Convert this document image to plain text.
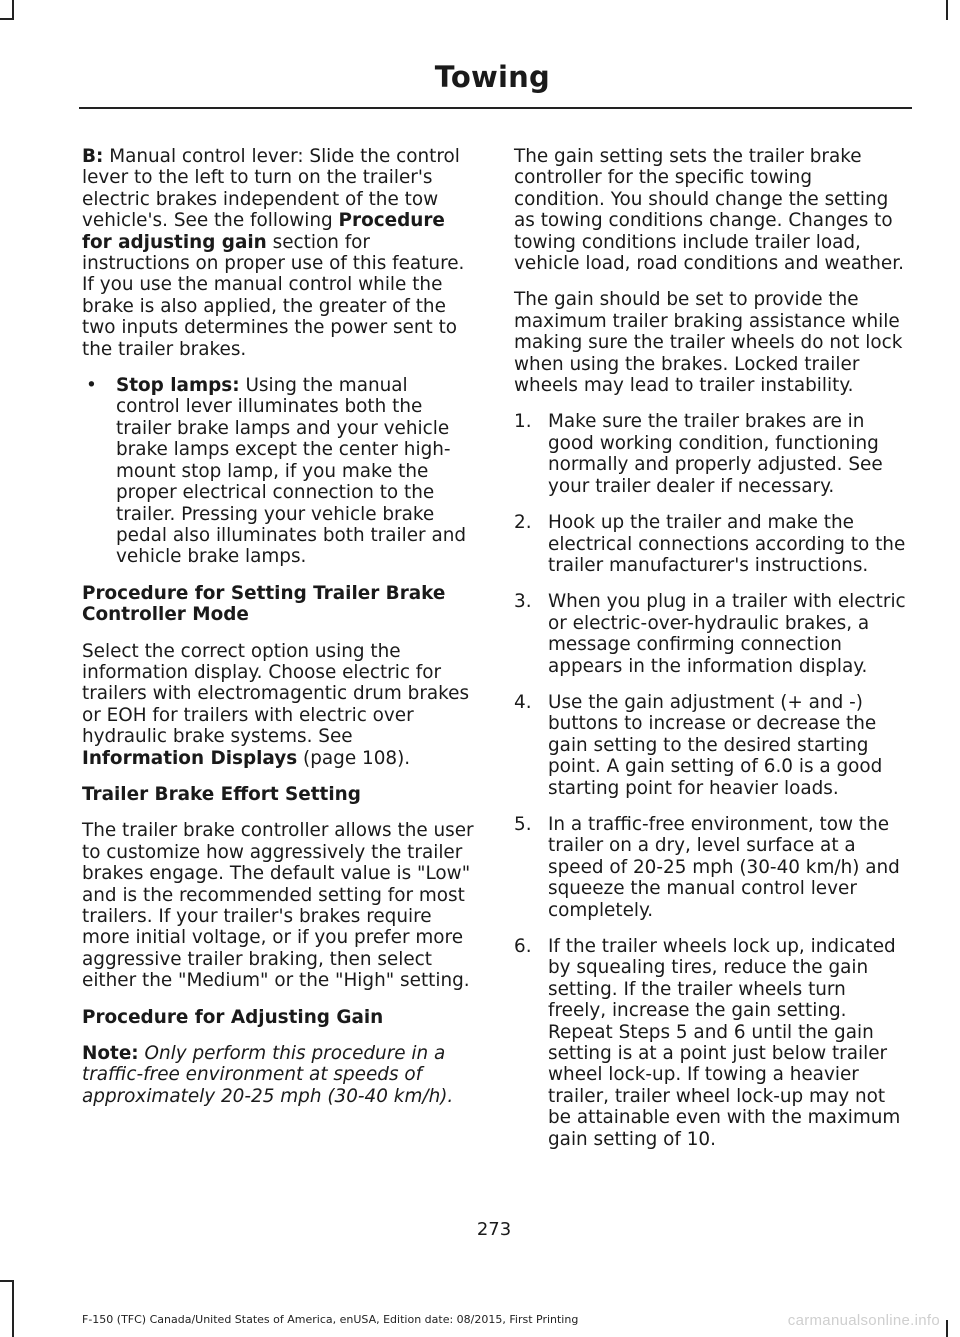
Towing

B: Manual control lever: Slide the control lever to the left to turn on the trailer's electric brakes independent of the tow vehicle's. See the following Procedure for adjusting gain section for instructions on proper use of this feature. If you use the manual control while the brake is also applied, the greater of the two inputs determines the power sent to the trailer brakes.

• Stop lamps: Using the manual control lever illuminates both the trailer brake lamps and your vehicle brake lamps except the center high-mount stop lamp, if you make the proper electrical connection to the trailer. Pressing your vehicle brake pedal also illuminates both trailer and vehicle brake lamps.
Procedure for Setting Trailer Brake Controller Mode

Select the correct option using the information display. Choose electric for trailers with electromagentic drum brakes or EOH for trailers with electric over hydraulic brake systems. See Information Displays (page 108).

Trailer Brake Effort Setting

The trailer brake controller allows the user to customize how aggressively the trailer brakes engage. The default value is "Low" and is the recommended setting for most trailers. If your trailer's brakes require more initial voltage, or if you prefer more aggressive trailer braking, then select either the "Medium" or the "High" setting.

Procedure for Adjusting Gain

Note: Only perform this procedure in a traffic-free environment at speeds of approximately 20-25 mph (30-40 km/h).

The gain setting sets the trailer brake controller for the specific towing condition. You should change the setting as towing conditions change. Changes to towing conditions include trailer load, vehicle load, road conditions and weather.

The gain should be set to provide the maximum trailer braking assistance while making sure the trailer wheels do not lock when using the brakes. Locked trailer wheels may lead to trailer instability.

1. Make sure the trailer brakes are in good working condition, functioning normally and properly adjusted. See your trailer dealer if necessary.
2. Hook up the trailer and make the electrical connections according to the trailer manufacturer's instructions.
3. When you plug in a trailer with electric or electric-over-hydraulic brakes, a message confirming connection appears in the information display.
4. Use the gain adjustment (+ and -) buttons to increase or decrease the gain setting to the desired starting point. A gain setting of 6.0 is a good starting point for heavier loads.
5. In a traffic-free environment, tow the trailer on a dry, level surface at a speed of 20-25 mph (30-40 km/h) and squeeze the manual control lever completely.
6. If the trailer wheels lock up, indicated by squealing tires, reduce the gain setting. If the trailer wheels turn freely, increase the gain setting. Repeat Steps 5 and 6 until the gain setting is at a point just below trailer wheel lock-up. If towing a heavier trailer, trailer wheel lock-up may not be attainable even with the maximum gain setting of 10.
273
F-150 (TFC) Canada/United States of America, enUSA, Edition date: 08/2015, First Printing	carmanualsonline.info
